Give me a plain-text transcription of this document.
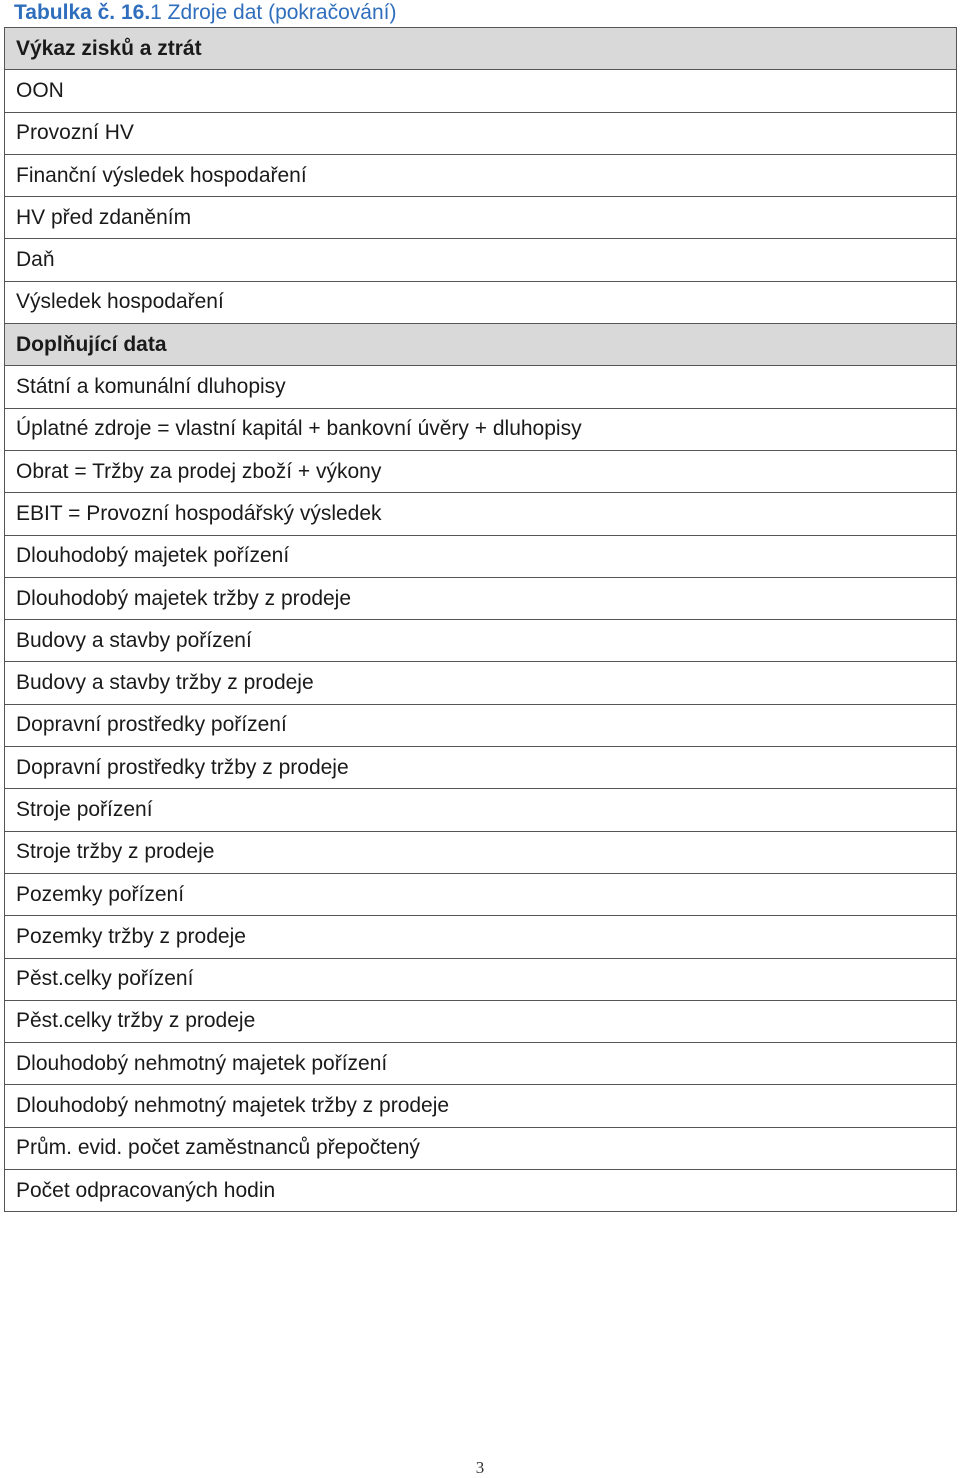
Tabulka č. 16.1 Zdroje dat (pokračování)
Výkaz zisků a ztrát
OON
Provozní HV
Finanční výsledek hospodaření
HV před zdaněním
Daň
Výsledek hospodaření
Doplňující data
Státní a komunální dluhopisy
Úplatné zdroje = vlastní kapitál + bankovní úvěry + dluhopisy
Obrat = Tržby za prodej zboží + výkony
EBIT = Provozní hospodářský výsledek
Dlouhodobý majetek pořízení
Dlouhodobý majetek tržby z prodeje
Budovy a stavby pořízení
Budovy a stavby tržby z prodeje
Dopravní prostředky pořízení
Dopravní prostředky tržby z prodeje
Stroje pořízení
Stroje tržby z prodeje
Pozemky pořízení
Pozemky tržby z prodeje
Pěst.celky pořízení
Pěst.celky tržby z prodeje
Dlouhodobý nehmotný majetek pořízení
Dlouhodobý nehmotný majetek tržby z prodeje
Prům. evid. počet zaměstnanců přepočtený
Počet odpracovaných hodin
3
